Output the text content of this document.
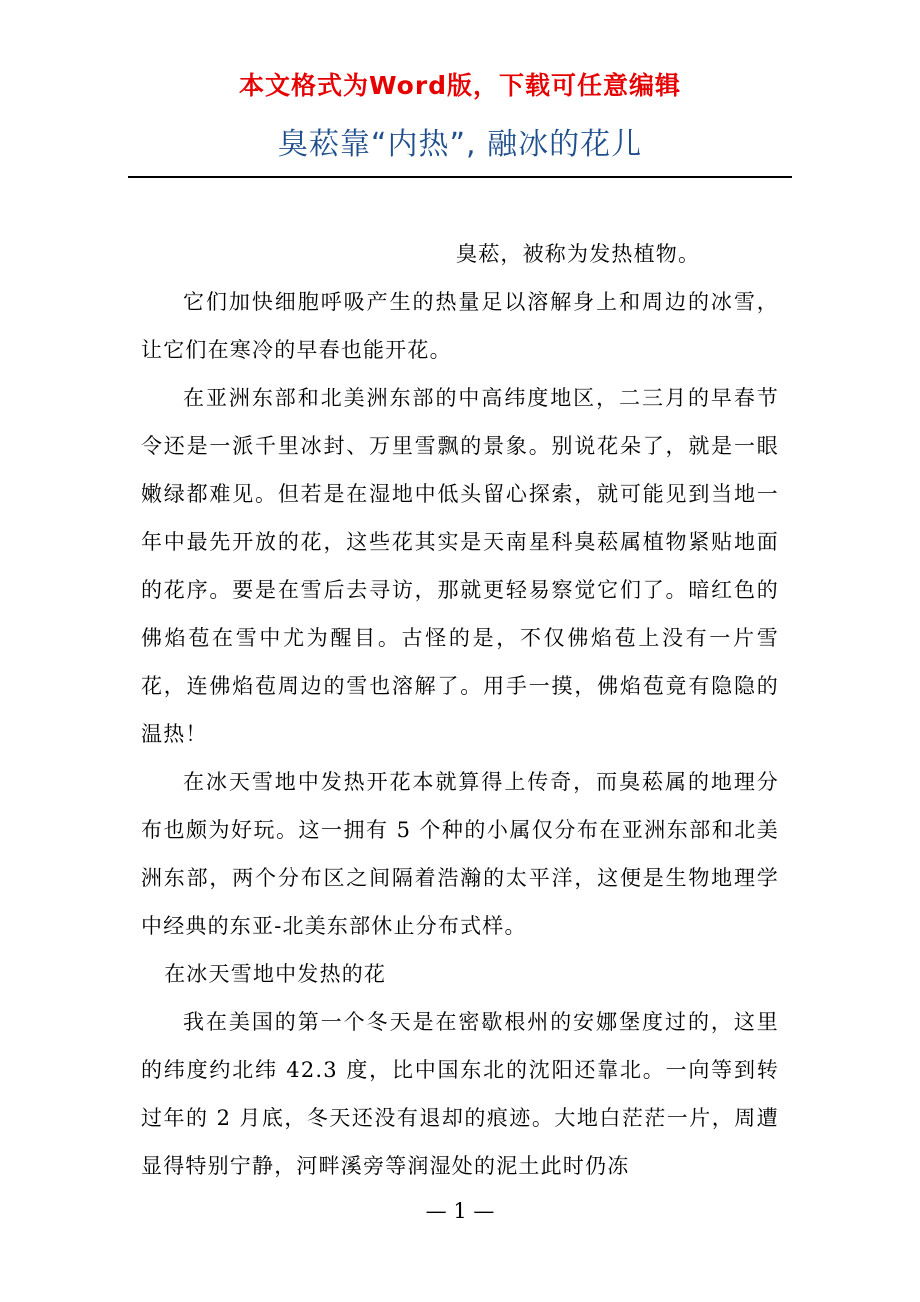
本文格式为Word版，下载可任意编辑
臭菘靠“内热”, 融冰的花儿

臭菘，被称为发热植物。

它们加快细胞呼吸产生的热量足以溶解身上和周边的冰雪，让它们在寒冷的早春也能开花。

在亚洲东部和北美洲东部的中高纬度地区，二三月的早春节令还是一派千里冰封、万里雪飘的景象。别说花朵了，就是一眼嫩绿都难见。但若是在湿地中低头留心探索，就可能见到当地一年中最先开放的花，这些花其实是天南星科臭菘属植物紧贴地面的花序。要是在雪后去寻访，那就更轻易察觉它们了。暗红色的佛焰苞在雪中尤为醒目。古怪的是，不仅佛焰苞上没有一片雪花，连佛焰苞周边的雪也溶解了。用手一摸，佛焰苞竟有隐隐的温热！

在冰天雪地中发热开花本就算得上传奇，而臭菘属的地理分布也颇为好玩。这一拥有 5 个种的小属仅分布在亚洲东部和北美洲东部，两个分布区之间隔着浩瀚的太平洋，这便是生物地理学中经典的东亚-北美东部休止分布式样。

在冰天雪地中发热的花

我在美国的第一个冬天是在密歇根州的安娜堡度过的，这里的纬度约北纬 42.3 度，比中国东北的沈阳还靠北。一向等到转过年的 2 月底，冬天还没有退却的痕迹。大地白茫茫一片，周遭显得特别宁静，河畔溪旁等润湿处的泥土此时仍冻

— 1 —
